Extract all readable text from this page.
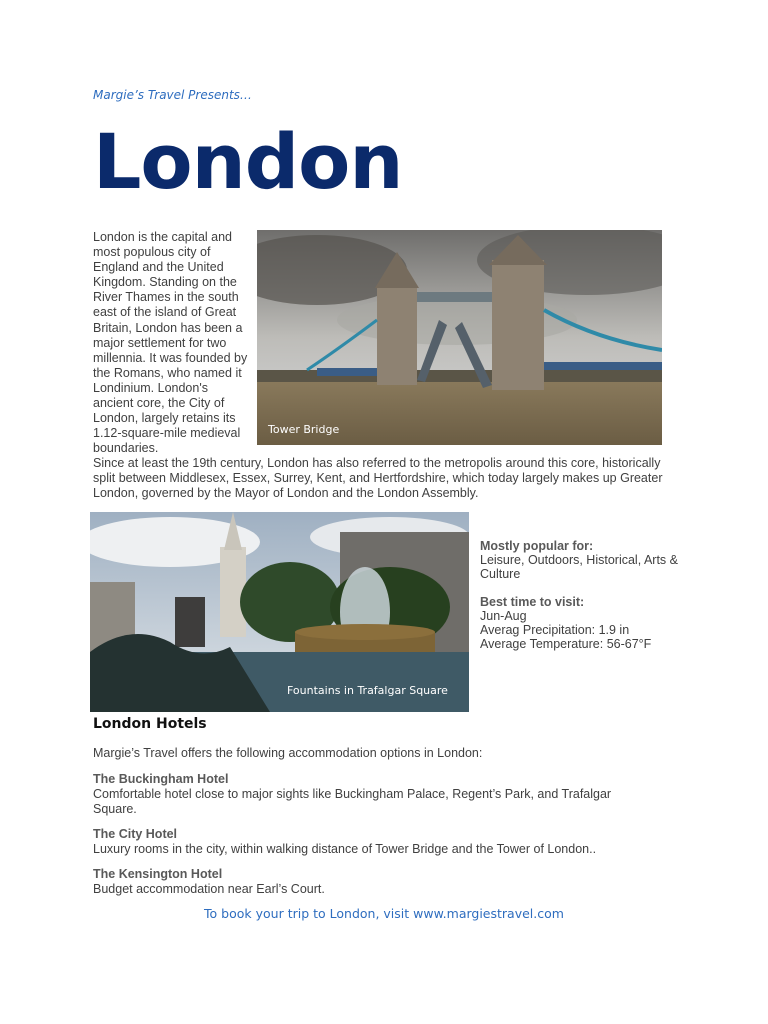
Margie’s Travel Presents…
London
London is the capital and most populous city of England and the United Kingdom. Standing on the River Thames in the south east of the island of Great Britain, London has been a major settlement for two millennia. It was founded by the Romans, who named it Londinium. London's ancient core, the City of London, largely retains its 1.12-square-mile medieval boundaries.
Tower Bridge
Since at least the 19th century, London has also referred to the metropolis around this core, historically split between Middlesex, Essex, Surrey, Kent, and Hertfordshire, which today largely makes up Greater London, governed by the Mayor of London and the London Assembly.
Fountains in Trafalgar Square
Mostly popular for:
Leisure, Outdoors, Historical, Arts & Culture
Best time to visit:
Jun-Aug
Averag Precipitation: 1.9 in
Average Temperature: 56-67°F
London Hotels
Margie’s Travel offers the following accommodation options in London:
The Buckingham Hotel
Comfortable hotel close to major sights like Buckingham Palace, Regent’s Park, and Trafalgar Square.
The City Hotel
Luxury rooms in the city, within walking distance of Tower Bridge and the Tower of London..
The Kensington Hotel
Budget accommodation near Earl’s Court.
To book your trip to London, visit www.margiestravel.com
